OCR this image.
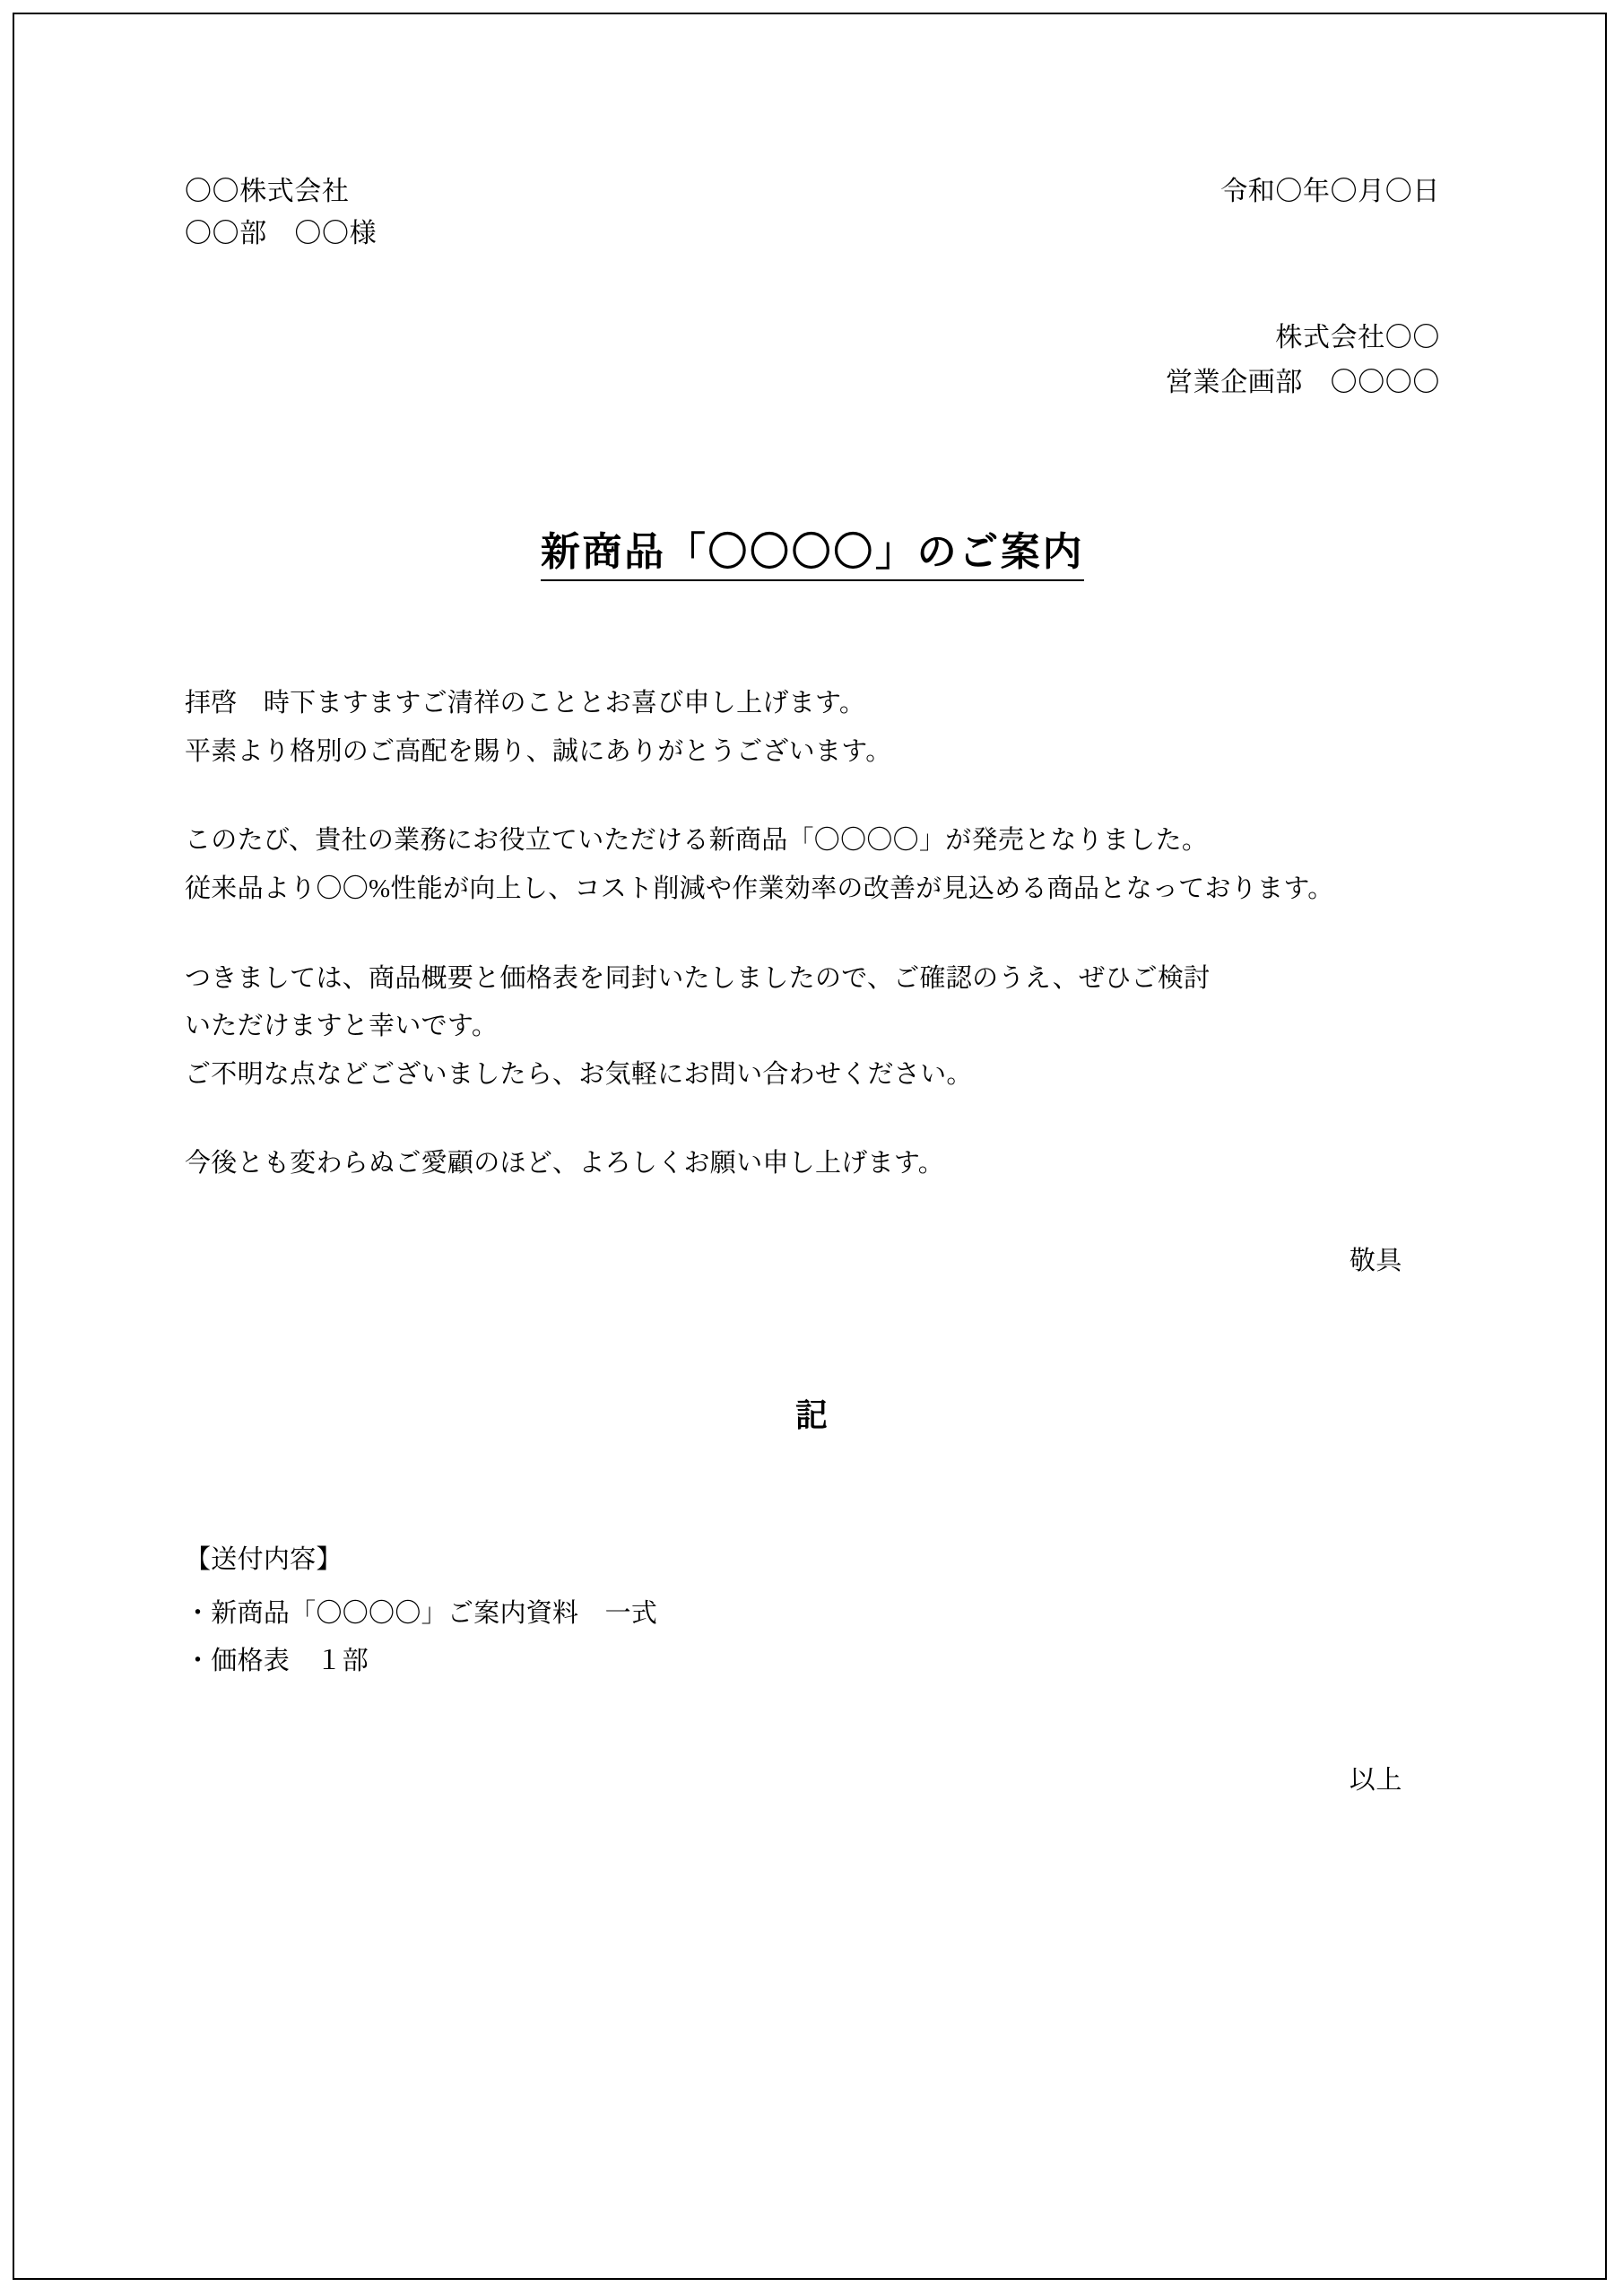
〇〇株式会社
〇〇部　〇〇様
令和〇年〇月〇日
株式会社〇〇
営業企画部　〇〇〇〇
新商品「〇〇〇〇」のご案内
拝啓　時下ますますご清祥のこととお喜び申し上げます。
平素より格別のご高配を賜り、誠にありがとうございます。
このたび、貴社の業務にお役立ていただける新商品「〇〇〇〇」が発売となりました。
従来品より〇〇%性能が向上し、コスト削減や作業効率の改善が見込める商品となっております。
つきましては、商品概要と価格表を同封いたしましたので、ご確認のうえ、ぜひご検討
いただけますと幸いです。
ご不明な点などございましたら、お気軽にお問い合わせください。
今後とも変わらぬご愛顧のほど、よろしくお願い申し上げます。
敬具
記
【送付内容】
・新商品「〇〇〇〇」ご案内資料　一式
・価格表　１部
以上
